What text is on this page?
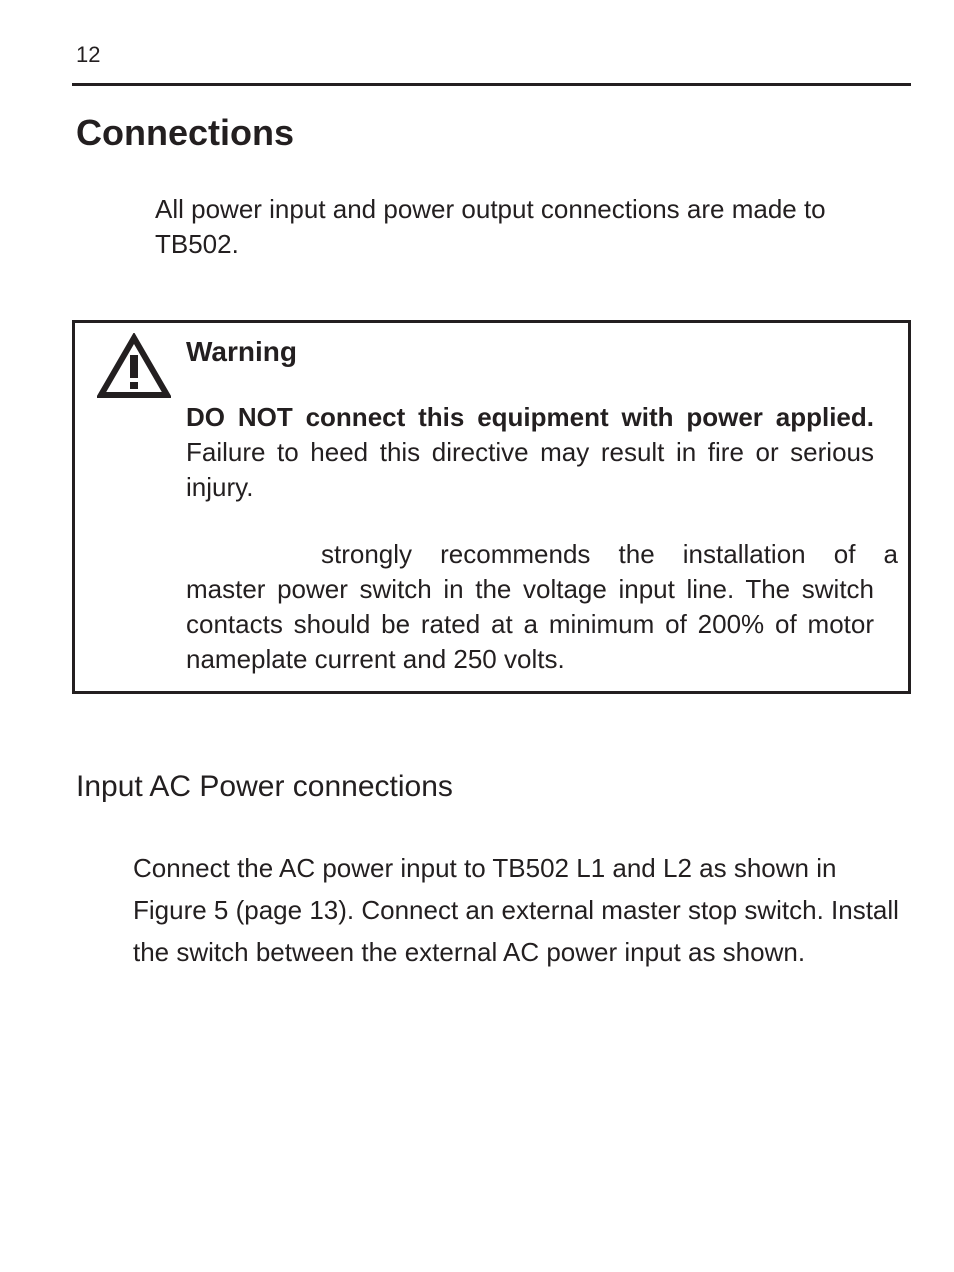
12
Connections

All power input and power output connections are made to TB502.

Warning

DO NOT connect this equipment with power applied. Failure to heed this directive may result in fire or serious injury.

strongly recommends the installation of a
master power switch in the voltage input line. The switch contacts should be rated at a minimum of 200% of motor nameplate current and 250 volts.

Input AC Power connections

Connect the AC power input to TB502 L1 and L2 as shown in Figure 5 (page 13). Connect an external master stop switch. Install the switch between the external AC power input as shown.
